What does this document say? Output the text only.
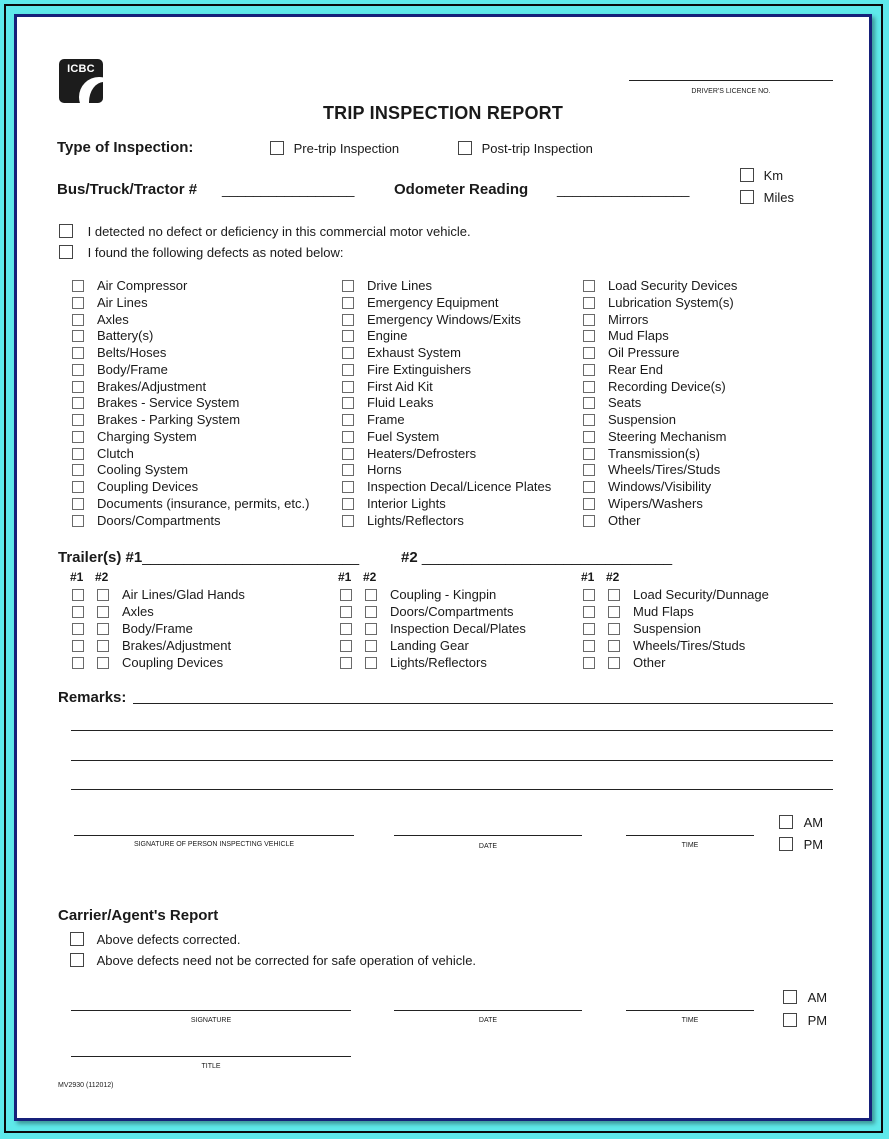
ICBC
DRIVER'S LICENCE NO.
TRIP INSPECTION REPORT
Type of Inspection:	Pre-trip Inspection	Post-trip Inspection
Bus/Truck/Tractor # _________________	Odometer Reading _________________
Km
Miles
I detected no defect or deficiency in this commercial motor vehicle.
I found the following defects as noted below:
Air Compressor
Air Lines
Axles
Battery(s)
Belts/Hoses
Body/Frame
Brakes/Adjustment
Brakes - Service System
Brakes - Parking System
Charging System
Clutch
Cooling System
Coupling Devices
Documents (insurance, permits, etc.)
Doors/Compartments
Drive Lines
Emergency Equipment
Emergency Windows/Exits
Engine
Exhaust System
Fire Extinguishers
First Aid Kit
Fluid Leaks
Frame
Fuel System
Heaters/Defrosters
Horns
Inspection Decal/Licence Plates
Interior Lights
Lights/Reflectors
Load Security Devices
Lubrication System(s)
Mirrors
Mud Flaps
Oil Pressure
Rear End
Recording Device(s)
Seats
Suspension
Steering Mechanism
Transmission(s)
Wheels/Tires/Studs
Windows/Visibility
Wipers/Washers
Other
Trailer(s) #1__________________________	#2 ______________________________
#1 #2
Air Lines/Glad Hands
Axles
Body/Frame
Brakes/Adjustment
Coupling Devices
#1 #2
Coupling - Kingpin
Doors/Compartments
Inspection Decal/Plates
Landing Gear
Lights/Reflectors
#1 #2
Load Security/Dunnage
Mud Flaps
Suspension
Wheels/Tires/Studs
Other
Remarks:
SIGNATURE OF PERSON INSPECTING VEHICLE	DATE	TIME
AM
PM
Carrier/Agent's Report
Above defects corrected.
Above defects need not be corrected for safe operation of vehicle.
SIGNATURE	DATE	TIME
AM
PM
TITLE
MV2930 (112012)
